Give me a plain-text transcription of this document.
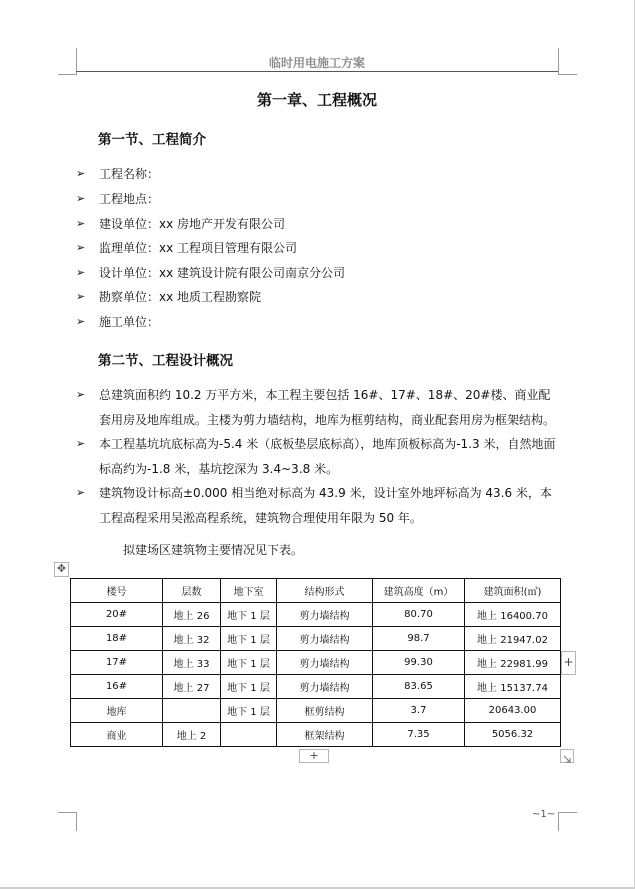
临时用电施工方案
第一章、工程概况
第一节、工程简介
➢ 工程名称：
➢ 工程地点：
➢ 建设单位：xx 房地产开发有限公司
➢ 监理单位：xx 工程项目管理有限公司
➢ 设计单位：xx 建筑设计院有限公司南京分公司
➢ 勘察单位：xx 地质工程勘察院
➢ 施工单位：
第二节、工程设计概况
➢ 总建筑面积约 10.2 万平方米，本工程主要包括 16#、17#、18#、20#楼、商业配套用房及地库组成。主楼为剪力墙结构，地库为框剪结构，商业配套用房为框架结构。
➢ 本工程基坑坑底标高为-5.4 米（底板垫层底标高），地库顶板标高为-1.3 米，自然地面标高约为-1.8 米，基坑挖深为 3.4~3.8 米。
➢ 建筑物设计标高±0.000 相当绝对标高为 43.9 米，设计室外地坪标高为 43.6 米，本工程高程采用吴淞高程系统，建筑物合理使用年限为 50 年。
拟建场区建筑物主要情况见下表。
✥
楼号	层数	地下室	结构形式	建筑高度（m）	建筑面积(㎡)
20#	地上 26	地下 1 层	剪力墙结构	80.70	地上 16400.70
18#	地上 32	地下 1 层	剪力墙结构	98.7	地上 21947.02
17#	地上 33	地下 1 层	剪力墙结构	99.30	地上 22981.99
16#	地上 27	地下 1 层	剪力墙结构	83.65	地上 15137.74
地库		地下 1 层	框剪结构	3.7	20643.00
商业	地上 2		框架结构	7.35	5056.32
+
+
~1~
